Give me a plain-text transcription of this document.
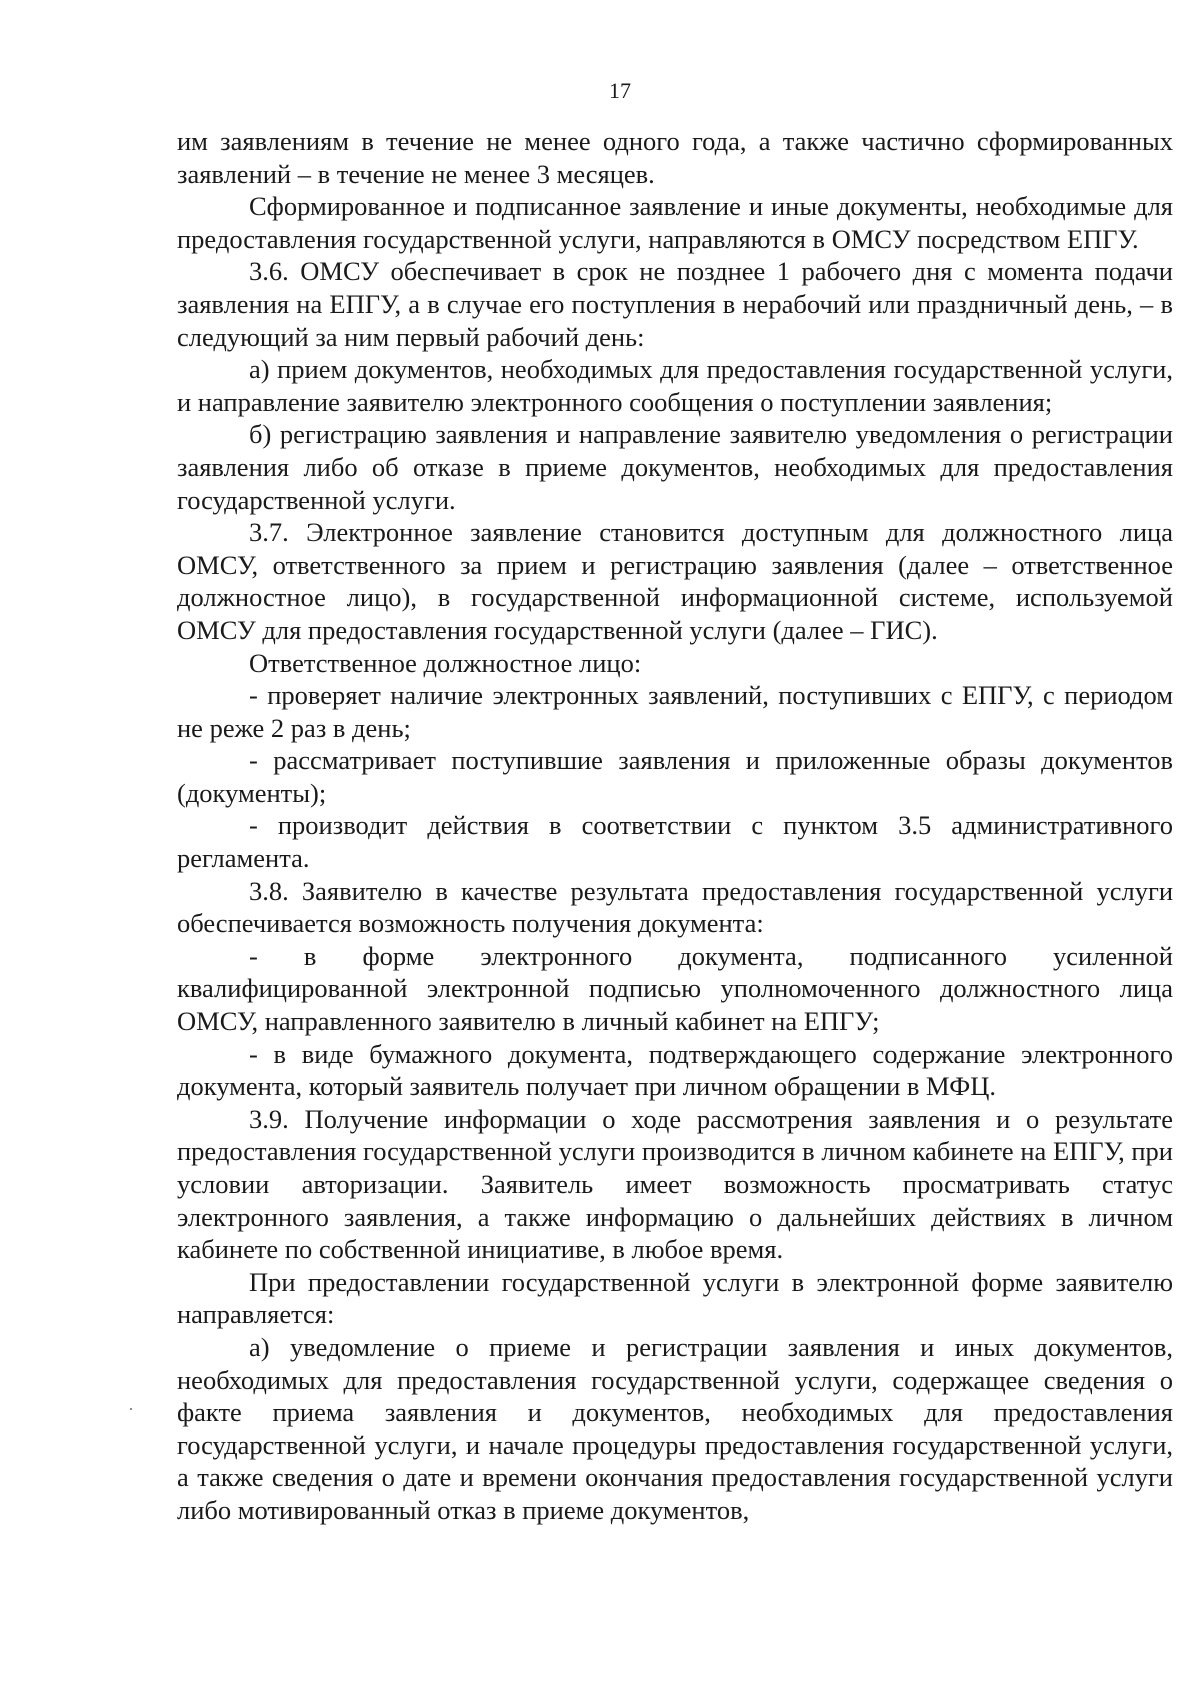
17

им заявлениям в течение не менее одного года, а также частично сформированных заявлений – в течение не менее 3 месяцев.

Сформированное и подписанное заявление и иные документы, необходимые для предоставления государственной услуги, направляются в ОМСУ посредством ЕПГУ.

3.6. ОМСУ обеспечивает в срок не позднее 1 рабочего дня с момента подачи заявления на ЕПГУ, а в случае его поступления в нерабочий или праздничный день, – в следующий за ним первый рабочий день:

а) прием документов, необходимых для предоставления государственной услуги, и направление заявителю электронного сообщения о поступлении заявления;

б) регистрацию заявления и направление заявителю уведомления о регистрации заявления либо об отказе в приеме документов, необходимых для предоставления государственной услуги.

3.7. Электронное заявление становится доступным для должностного лица ОМСУ, ответственного за прием и регистрацию заявления (далее – ответственное должностное лицо), в государственной информационной системе, используемой ОМСУ для предоставления государственной услуги (далее – ГИС).

Ответственное должностное лицо:

- проверяет наличие электронных заявлений, поступивших с ЕПГУ, с периодом не реже 2 раз в день;

- рассматривает поступившие заявления и приложенные образы документов (документы);

- производит действия в соответствии с пунктом 3.5 административного регламента.

3.8. Заявителю в качестве результата предоставления государственной услуги обеспечивается возможность получения документа:

- в форме электронного документа, подписанного усиленной квалифицированной электронной подписью уполномоченного должностного лица ОМСУ, направленного заявителю в личный кабинет на ЕПГУ;

- в виде бумажного документа, подтверждающего содержание электронного документа, который заявитель получает при личном обращении в МФЦ.

3.9. Получение информации о ходе рассмотрения заявления и о результате предоставления государственной услуги производится в личном кабинете на ЕПГУ, при условии авторизации. Заявитель имеет возможность просматривать статус электронного заявления, а также информацию о дальнейших действиях в личном кабинете по собственной инициативе, в любое время.

При предоставлении государственной услуги в электронной форме заявителю направляется:

а) уведомление о приеме и регистрации заявления и иных документов, необходимых для предоставления государственной услуги, содержащее сведения о факте приема заявления и документов, необходимых для предоставления государственной услуги, и начале процедуры предоставления государственной услуги, а также сведения о дате и времени окончания предоставления государственной услуги либо мотивированный отказ в приеме документов,
